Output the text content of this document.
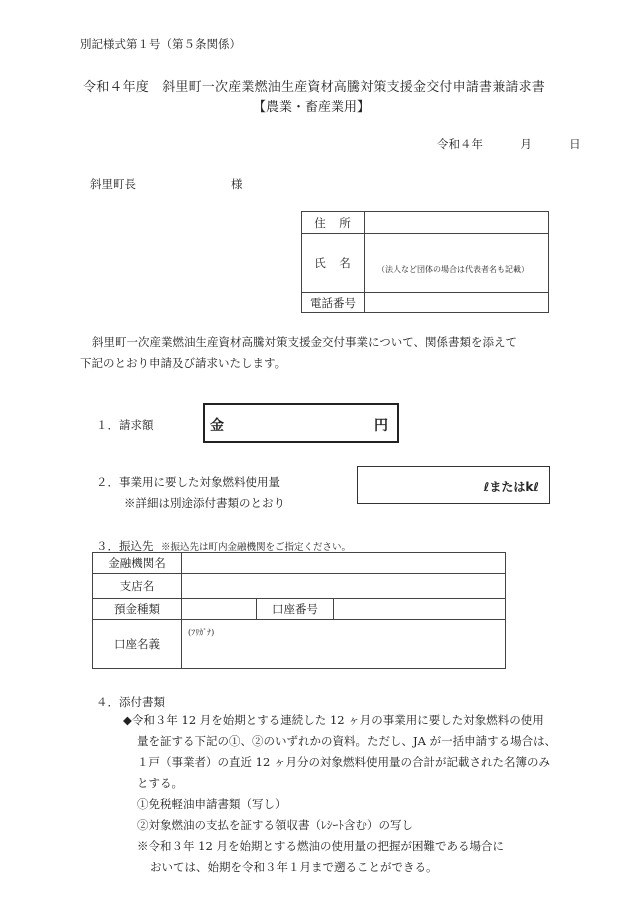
別記様式第１号（第５条関係）
令和４年度　斜里町一次産業燃油生産資材高騰対策支援金交付申請書兼請求書
【農業・畜産業用】
令和４年	月	日
斜里町長	様
住　所	
氏　名	（法人など団体の場合は代表者名も記載）

電話番号	
斜里町一次産業燃油生産資材高騰対策支援金交付事業について、関係書類を添えて
下記のとおり申請及び請求いたします。
１．請求額	金	円
２．事業用に要した対象燃料使用量
※詳細は別途添付書類のとおり
ℓまたはkℓ
３．振込先 ※振込先は町内金融機関をご指定ください。
金融機関名			
支店名			
預金種類		口座番号	
口座名義	(ﾌﾘｶﾞﾅ)		
４．添付書類
◆令和３年 12 月を始期とする連続した 12 ヶ月の事業用に要した対象燃料の使用
量を証する下記の①、②のいずれかの資料。ただし、JA が一括申請する場合は、
１戸（事業者）の直近 12 ヶ月分の対象燃料使用量の合計が記載された名簿のみ
とする。
①免税軽油申請書類（写し）
②対象燃油の支払を証する領収書（ﾚｼｰﾄ含む）の写し
※令和３年 12 月を始期とする燃油の使用量の把握が困難である場合に
おいては、始期を令和３年１月まで遡ることができる。
